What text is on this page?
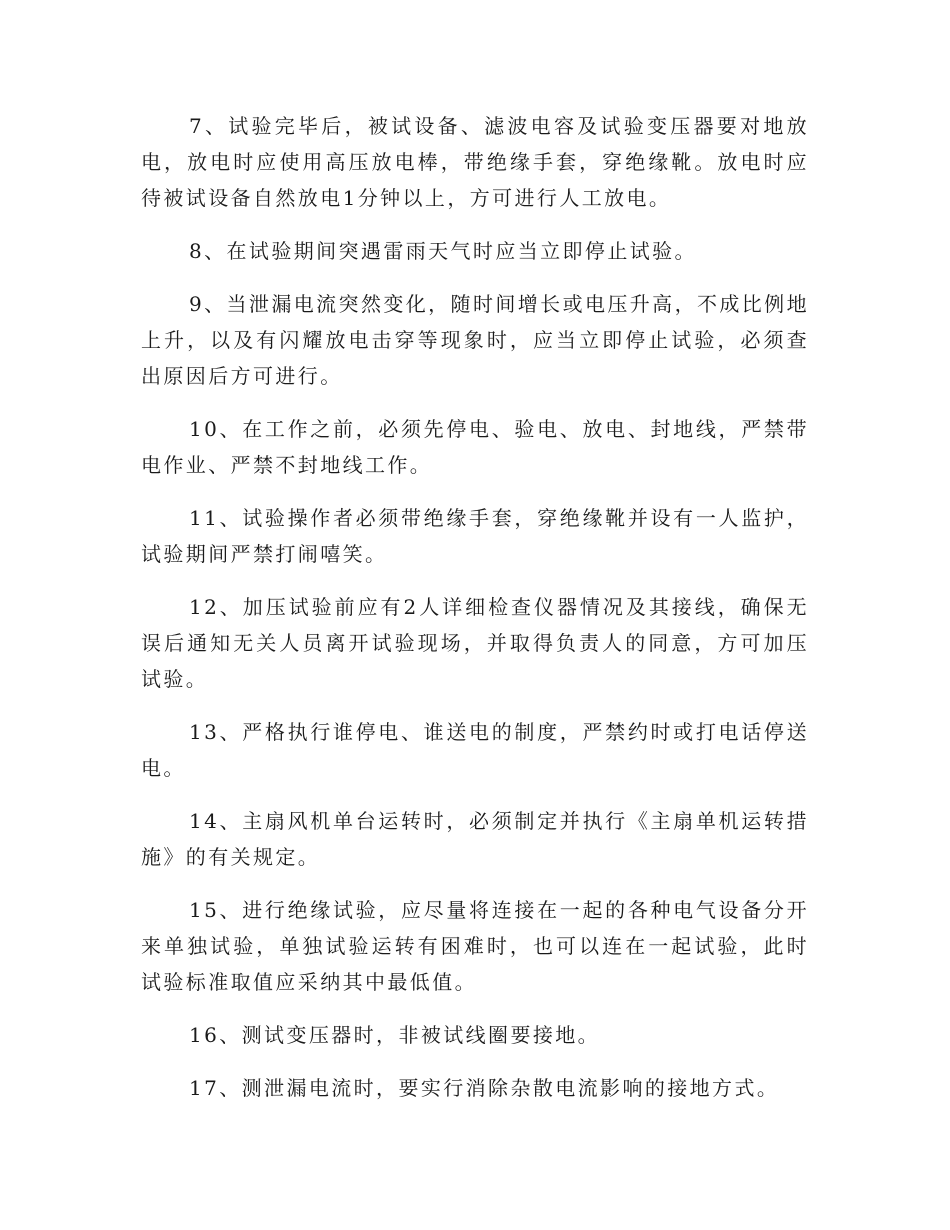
7、试验完毕后，被试设备、滤波电容及试验变压器要对地放电，放电时应使用高压放电棒，带绝缘手套，穿绝缘靴。放电时应待被试设备自然放电1分钟以上，方可进行人工放电。

8、在试验期间突遇雷雨天气时应当立即停止试验。

9、当泄漏电流突然变化，随时间增长或电压升高，不成比例地上升，以及有闪耀放电击穿等现象时，应当立即停止试验，必须查出原因后方可进行。

10、在工作之前，必须先停电、验电、放电、封地线，严禁带电作业、严禁不封地线工作。

11、试验操作者必须带绝缘手套，穿绝缘靴并设有一人监护，试验期间严禁打闹嘻笑。

12、加压试验前应有2人详细检查仪器情况及其接线，确保无误后通知无关人员离开试验现场，并取得负责人的同意，方可加压试验。

13、严格执行谁停电、谁送电的制度，严禁约时或打电话停送电。

14、主扇风机单台运转时，必须制定并执行《主扇单机运转措施》的有关规定。

15、进行绝缘试验，应尽量将连接在一起的各种电气设备分开来单独试验，单独试验运转有困难时，也可以连在一起试验，此时试验标准取值应采纳其中最低值。

16、测试变压器时，非被试线圈要接地。

17、测泄漏电流时，要实行消除杂散电流影响的接地方式。
